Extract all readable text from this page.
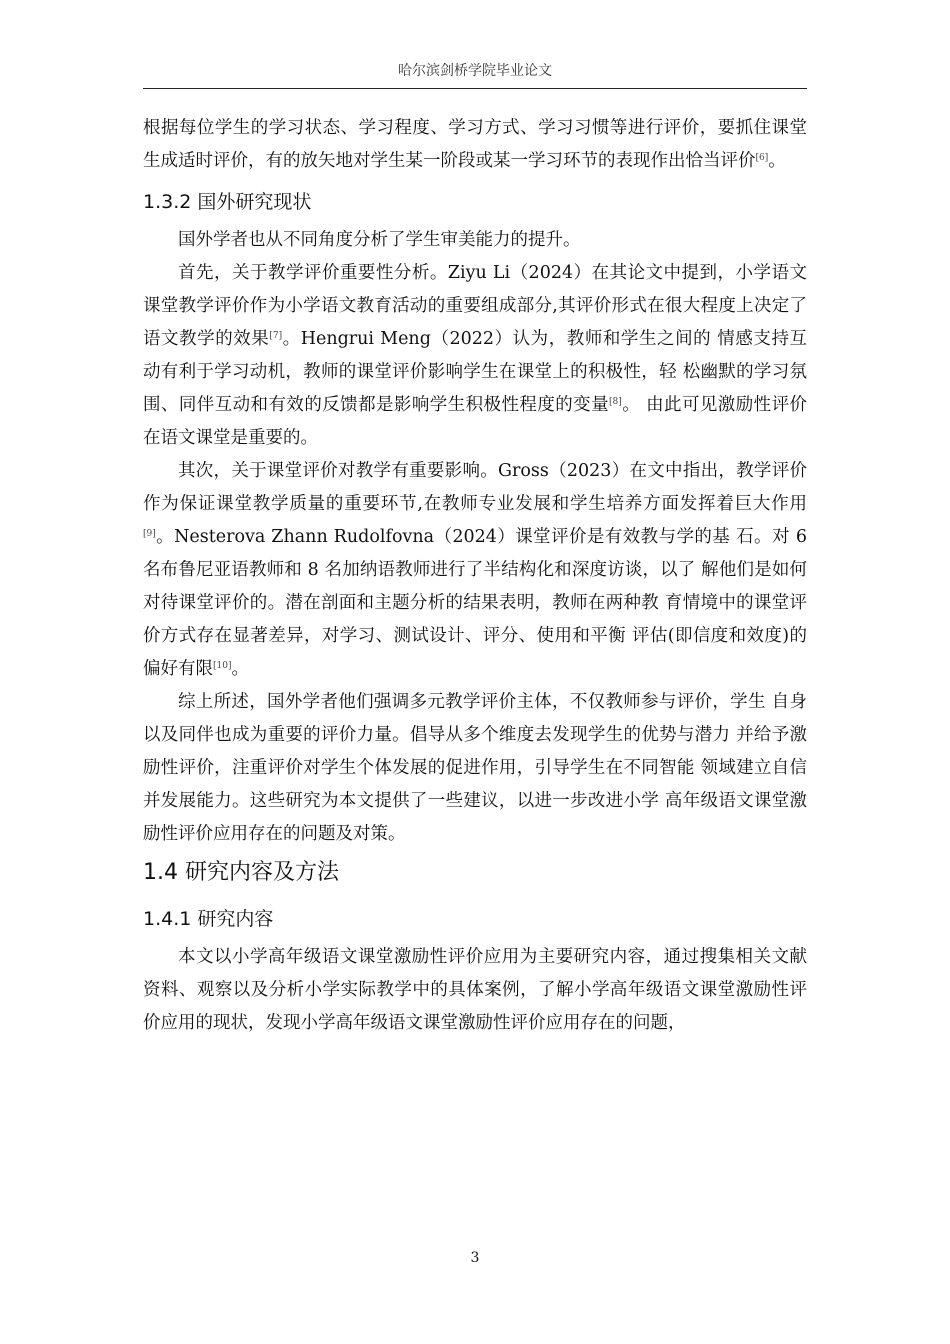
哈尔滨剑桥学院毕业论文

根据每位学生的学习状态、学习程度、学习方式、学习习惯等进行评价，要抓住课堂生成适时评价，有的放矢地对学生某一阶段或某一学习环节的表现作出恰当评价[6]。

1.3.2 国外研究现状

国外学者也从不同角度分析了学生审美能力的提升。

首先，关于教学评价重要性分析。Ziyu Li（2024）在其论文中提到，小学语文课堂教学评价作为小学语文教育活动的重要组成部分,其评价形式在很大程度上决定了语文教学的效果[7]。Hengrui Meng（2022）认为，教师和学生之间的 情感支持互动有利于学习动机，教师的课堂评价影响学生在课堂上的积极性，轻 松幽默的学习氛围、同伴互动和有效的反馈都是影响学生积极性程度的变量[8]。 由此可见激励性评价在语文课堂是重要的。

其次，关于课堂评价对教学有重要影响。Gross（2023）在文中指出，教学评价作为保证课堂教学质量的重要环节,在教师专业发展和学生培养方面发挥着巨大作用[9]。Nesterova Zhann Rudolfovna（2024）课堂评价是有效教与学的基 石。对 6 名布鲁尼亚语教师和 8 名加纳语教师进行了半结构化和深度访谈，以了 解他们是如何对待课堂评价的。潜在剖面和主题分析的结果表明，教师在两种教 育情境中的课堂评价方式存在显著差异，对学习、测试设计、评分、使用和平衡 评估(即信度和效度)的偏好有限[10]。

综上所述，国外学者他们强调多元教学评价主体，不仅教师参与评价，学生 自身以及同伴也成为重要的评价力量。倡导从多个维度去发现学生的优势与潜力 并给予激励性评价，注重评价对学生个体发展的促进作用，引导学生在不同智能 领域建立自信并发展能力。这些研究为本文提供了一些建议，以进一步改进小学 高年级语文课堂激励性评价应用存在的问题及对策。

1.4 研究内容及方法
1.4.1 研究内容

本文以小学高年级语文课堂激励性评价应用为主要研究内容，通过搜集相关文献资料、观察以及分析小学实际教学中的具体案例，了解小学高年级语文课堂激励性评价应用的现状，发现小学高年级语文课堂激励性评价应用存在的问题，

3
